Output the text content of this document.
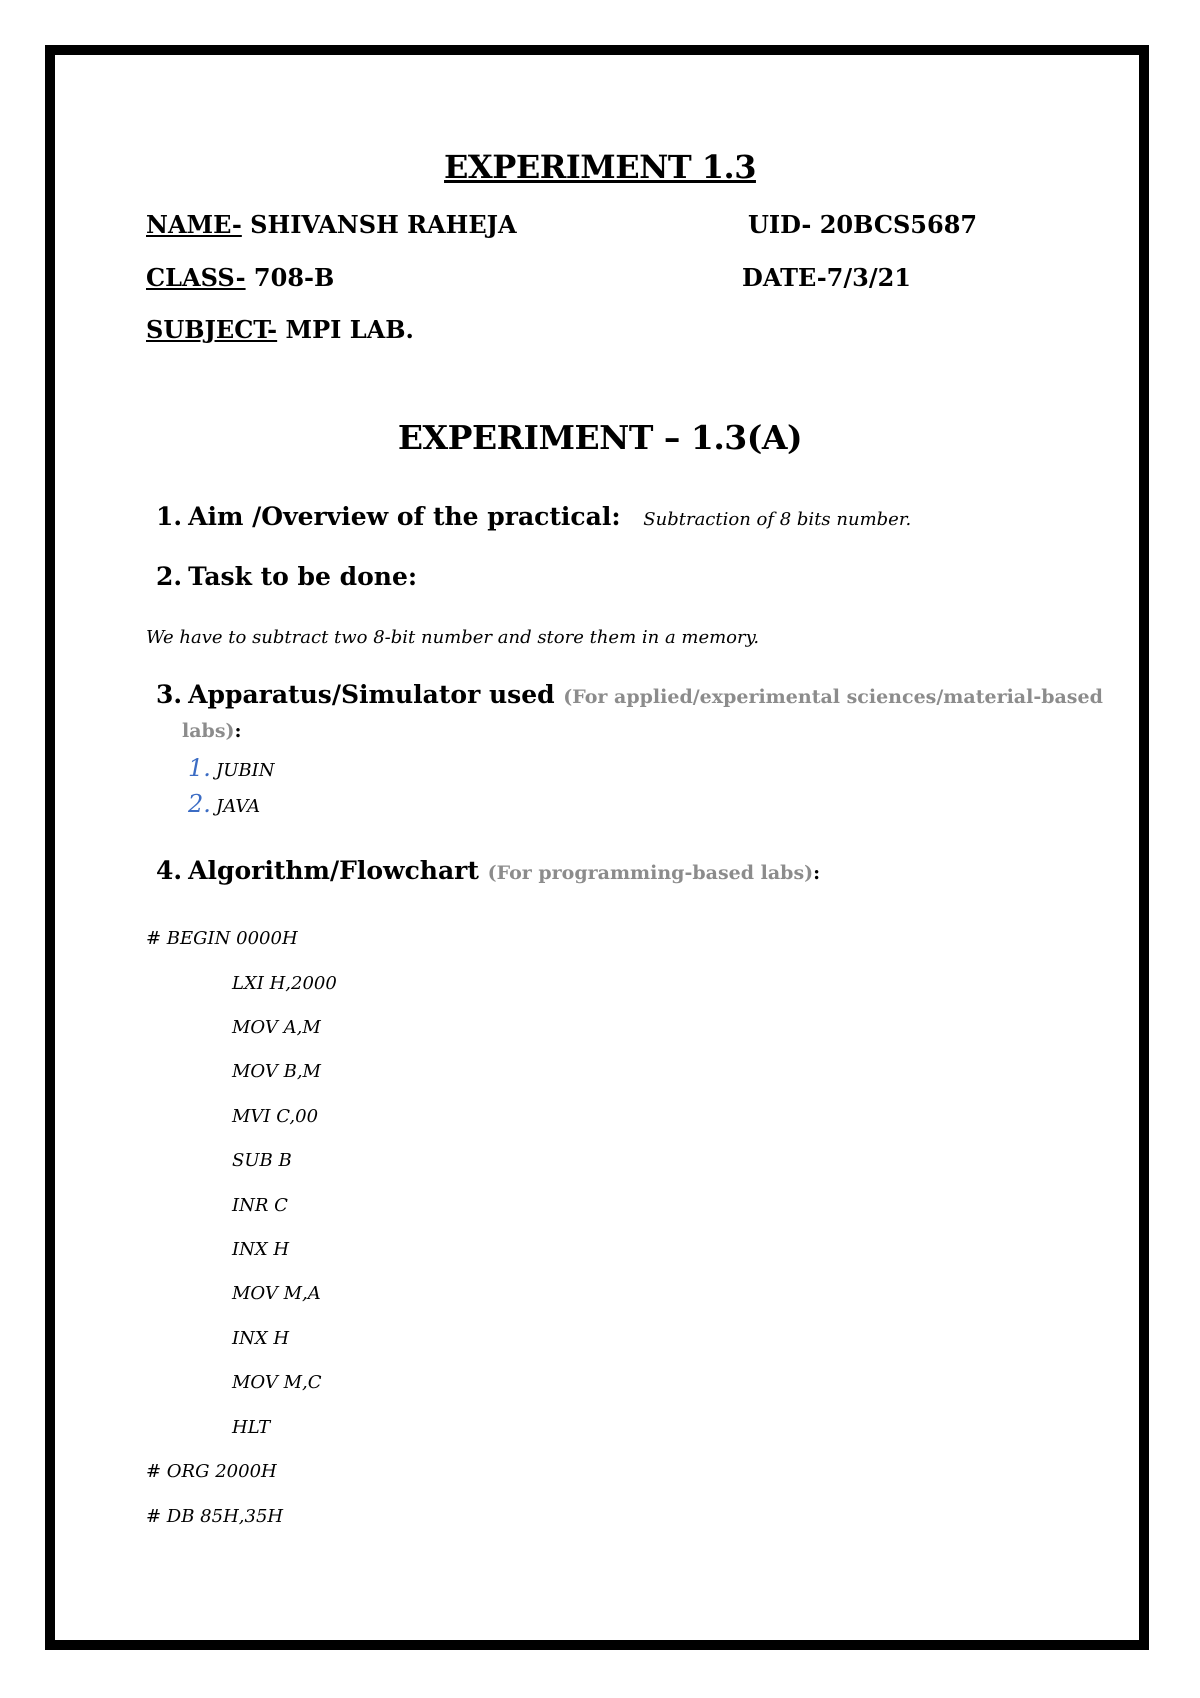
EXPERIMENT 1.3
NAME- SHIVANSH RAHEJA	UID- 20BCS5687
CLASS- 708-B	DATE-7/3/21
SUBJECT- MPI LAB.
EXPERIMENT – 1.3(A)
1. Aim /Overview of the practical: Subtraction of 8 bits number.
2. Task to be done:
We have to subtract two 8-bit number and store them in a memory.
3. Apparatus/Simulator used (For applied/experimental sciences/material-based
labs):
1. JUBIN
2. JAVA
4. Algorithm/Flowchart (For programming-based labs):
# BEGIN 0000H
LXI H,2000
MOV A,M
MOV B,M
MVI C,00
SUB B
INR C
INX H
MOV M,A
INX H
MOV M,C
HLT
# ORG 2000H
# DB 85H,35H
